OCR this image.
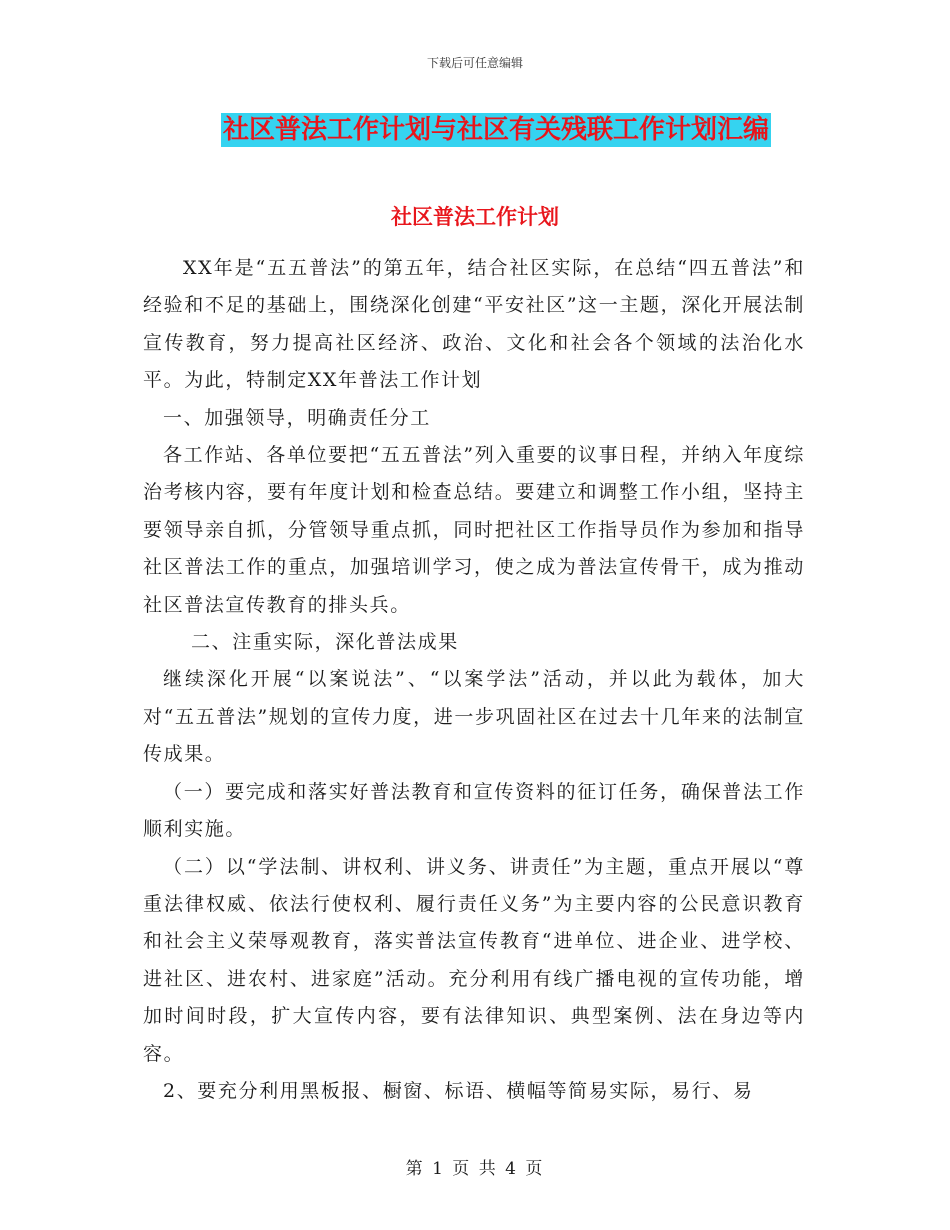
下载后可任意编辑
社区普法工作计划与社区有关残联工作计划汇编
社区普法工作计划

XX年是“五五普法”的第五年，结合社区实际，在总结“四五普法”和经验和不足的基础上，围绕深化创建“平安社区”这一主题，深化开展法制宣传教育，努力提高社区经济、政治、文化和社会各个领域的法治化水平。为此，特制定XX年普法工作计划

一、加强领导，明确责任分工

各工作站、各单位要把“五五普法”列入重要的议事日程，并纳入年度综治考核内容，要有年度计划和检查总结。要建立和调整工作小组，坚持主要领导亲自抓，分管领导重点抓，同时把社区工作指导员作为参加和指导社区普法工作的重点，加强培训学习，使之成为普法宣传骨干，成为推动社区普法宣传教育的排头兵。

二、注重实际，深化普法成果

继续深化开展“以案说法”、“以案学法”活动，并以此为载体，加大对“五五普法”规划的宣传力度，进一步巩固社区在过去十几年来的法制宣传成果。

（一）要完成和落实好普法教育和宣传资料的征订任务，确保普法工作顺利实施。

（二）以“学法制、讲权利、讲义务、讲责任”为主题，重点开展以“尊重法律权威、依法行使权利、履行责任义务”为主要内容的公民意识教育和社会主义荣辱观教育，落实普法宣传教育“进单位、进企业、进学校、进社区、进农村、进家庭”活动。充分利用有线广播电视的宣传功能，增加时间时段，扩大宣传内容，要有法律知识、典型案例、法在身边等内容。

2、要充分利用黑板报、橱窗、标语、横幅等简易实际，易行、易

第 1 页 共 4 页
